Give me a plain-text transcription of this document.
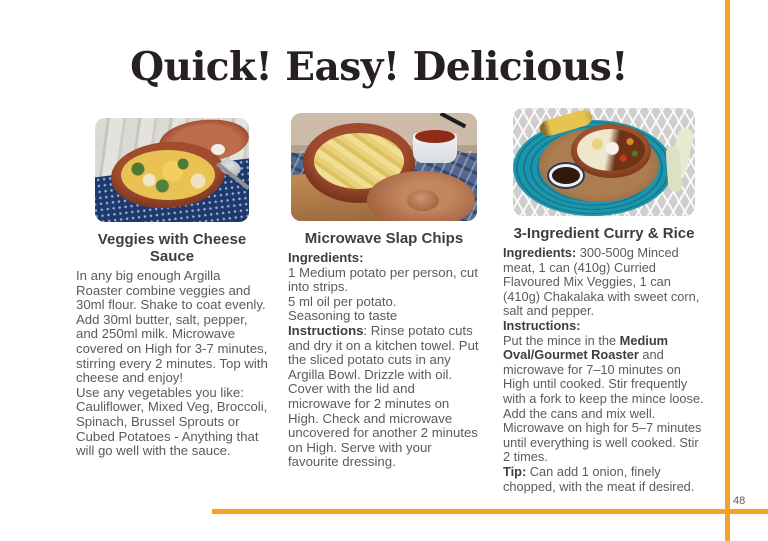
Quick! Easy! Delicious!
Veggies with Cheese Sauce

In any big enough Argilla Roaster combine veggies and 30ml flour. Shake to coat evenly. Add 30ml butter, salt, pepper, and 250ml milk. Microwave covered on High for 3-7 minutes, stirring every 2 minutes. Top with cheese and enjoy!
Use any vegetables you like: Cauliflower, Mixed Veg, Broccoli, Spinach, Brussel Sprouts or Cubed Potatoes - Anything that will go well with the sauce.

Microwave Slap Chips

Ingredients:
1 Medium potato per person, cut into strips.
5 ml oil per potato.
Seasoning to taste
Instructions: Rinse potato cuts and dry it on a kitchen towel. Put the sliced potato cuts in any Argilla Bowl. Drizzle with oil. Cover with the lid and microwave for 2 minutes on High. Check and microwave uncovered for another 2 minutes on High. Serve with your favourite dressing.

3-Ingredient Curry & Rice

Ingredients: 300-500g Minced meat, 1 can (410g) Curried Flavoured Mix Veggies, 1 can (410g) Chakalaka with sweet corn, salt and pepper.
Instructions:
Put the mince in the Medium Oval/Gourmet Roaster and microwave for 7–10 minutes on High until cooked. Stir frequently with a fork to keep the mince loose. Add the cans and mix well. Microwave on high for 5–7 minutes until everything is well cooked. Stir 2 times.
Tip: Can add 1 onion, finely chopped, with the meat if desired.

48
